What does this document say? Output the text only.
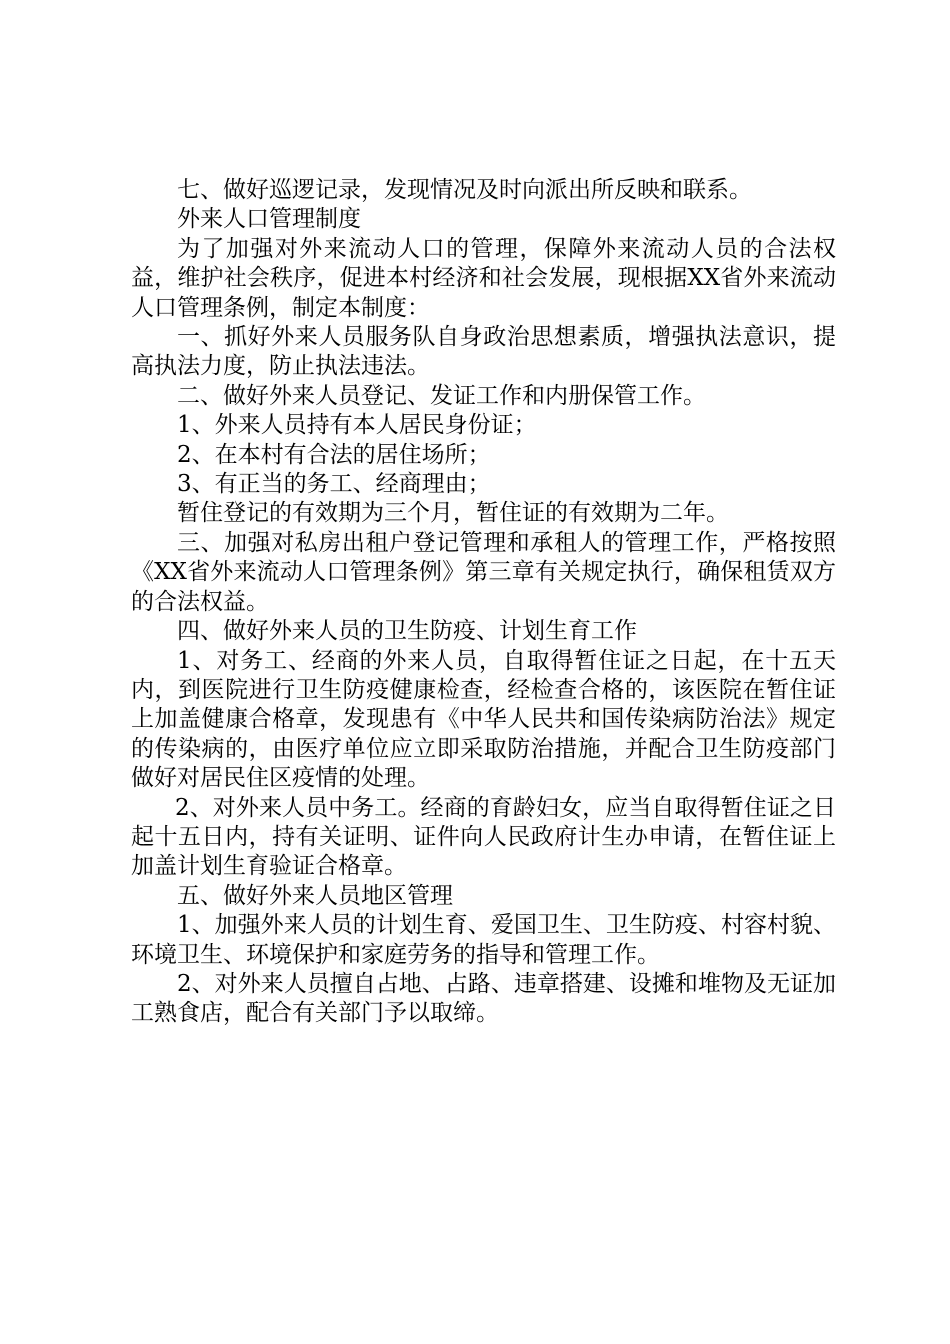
七、做好巡逻记录，发现情况及时向派出所反映和联系。

外来人口管理制度

为了加强对外来流动人口的管理，保障外来流动人员的合法权益，维护社会秩序，促进本村经济和社会发展，现根据XX省外来流动人口管理条例，制定本制度：

一、抓好外来人员服务队自身政治思想素质，增强执法意识，提高执法力度，防止执法违法。

二、做好外来人员登记、发证工作和内册保管工作。

1、外来人员持有本人居民身份证；

2、在本村有合法的居住场所；

3、有正当的务工、经商理由；

暂住登记的有效期为三个月，暂住证的有效期为二年。

三、加强对私房出租户登记管理和承租人的管理工作，严格按照《XX省外来流动人口管理条例》第三章有关规定执行，确保租赁双方的合法权益。

四、做好外来人员的卫生防疫、计划生育工作

1、对务工、经商的外来人员，自取得暂住证之日起，在十五天内，到医院进行卫生防疫健康检查，经检查合格的，该医院在暂住证上加盖健康合格章，发现患有《中华人民共和国传染病防治法》规定的传染病的，由医疗单位应立即采取防治措施，并配合卫生防疫部门做好对居民住区疫情的处理。

2、对外来人员中务工。经商的育龄妇女，应当自取得暂住证之日起十五日内，持有关证明、证件向人民政府计生办申请，在暂住证上加盖计划生育验证合格章。

五、做好外来人员地区管理

1、加强外来人员的计划生育、爱国卫生、卫生防疫、村容村貌、环境卫生、环境保护和家庭劳务的指导和管理工作。

2、对外来人员擅自占地、占路、违章搭建、设摊和堆物及无证加工熟食店，配合有关部门予以取缔。
